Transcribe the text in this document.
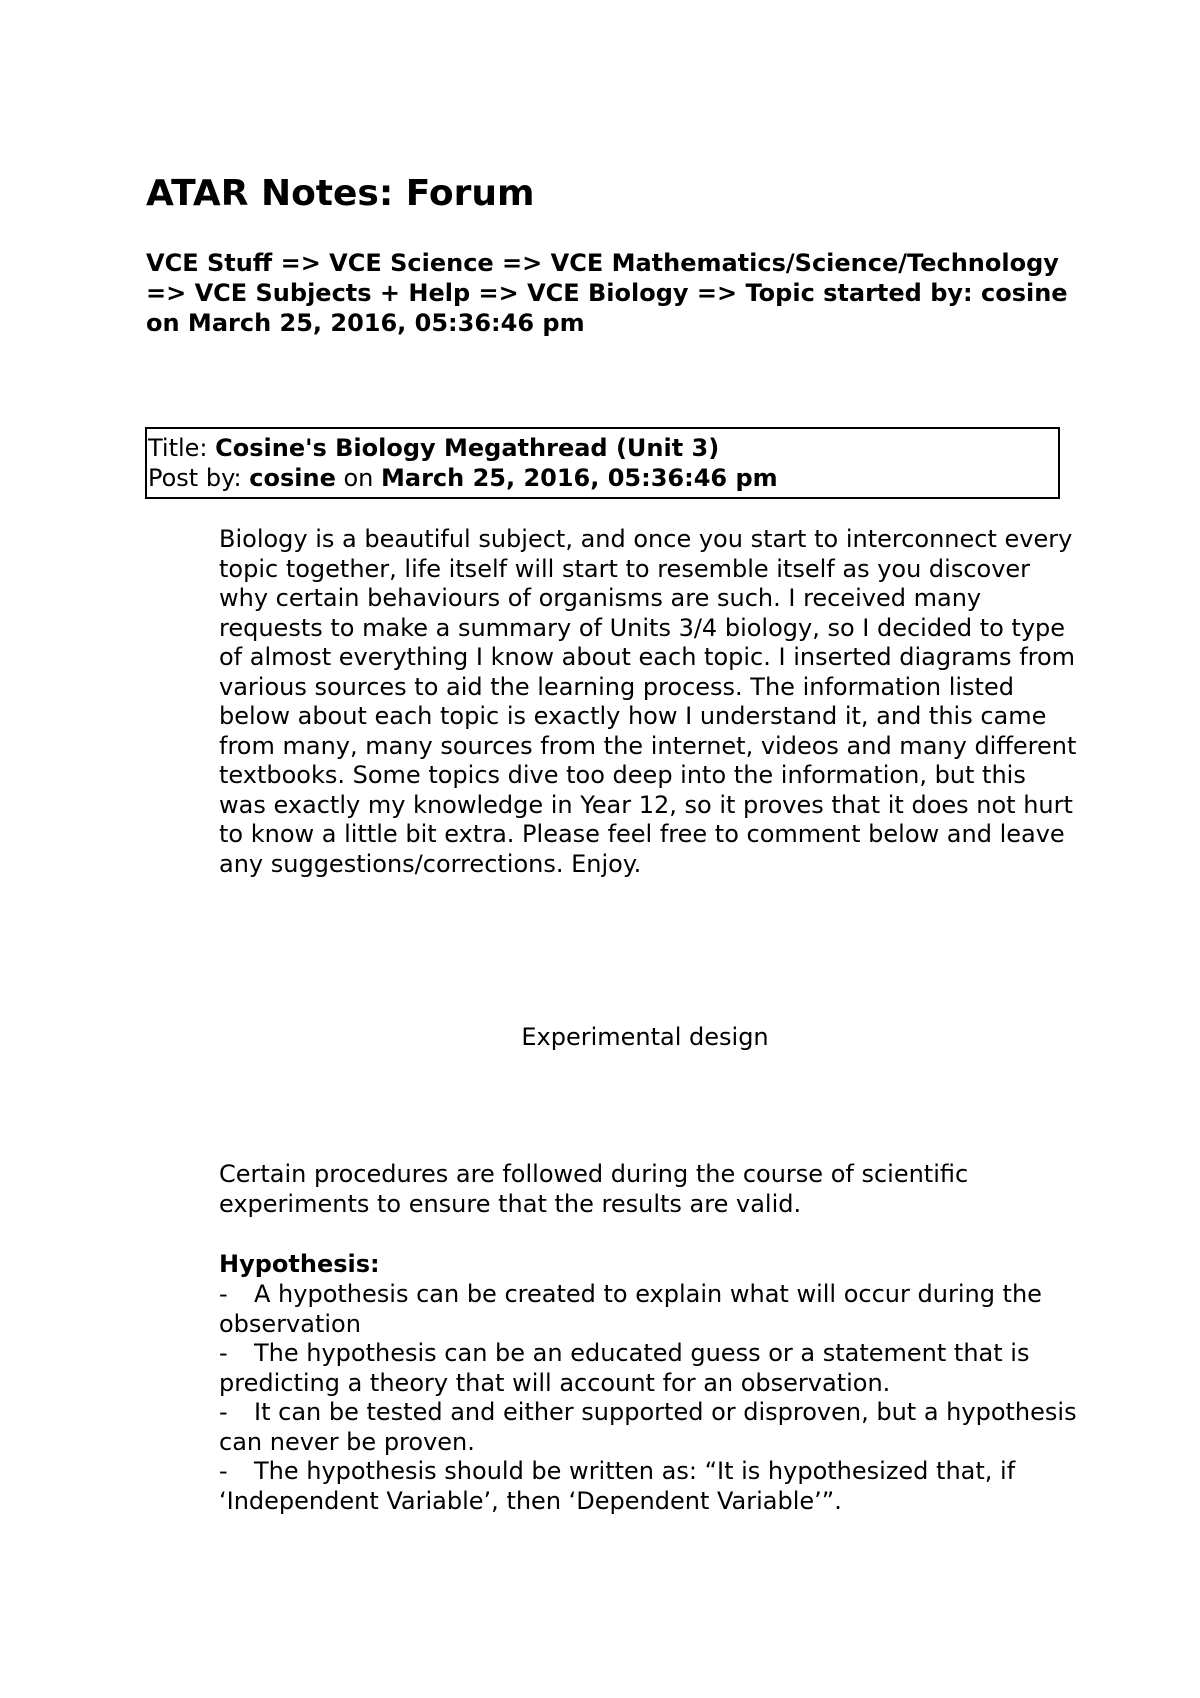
ATAR Notes: Forum

VCE Stuff => VCE Science => VCE Mathematics/Science/Technology => VCE Subjects + Help => VCE Biology => Topic started by: cosine on March 25, 2016, 05:36:46 pm

Title: Cosine's Biology Megathread (Unit 3)
Post by: cosine on March 25, 2016, 05:36:46 pm

Biology is a beautiful subject, and once you start to interconnect every topic together, life itself will start to resemble itself as you discover why certain behaviours of organisms are such. I received many requests to make a summary of Units 3/4 biology, so I decided to type of almost everything I know about each topic. I inserted diagrams from various sources to aid the learning process. The information listed below about each topic is exactly how I understand it, and this came from many, many sources from the internet, videos and many different textbooks. Some topics dive too deep into the information, but this was exactly my knowledge in Year 12, so it proves that it does not hurt to know a little bit extra. Please feel free to comment below and leave any suggestions/corrections. Enjoy.

Experimental design

Certain procedures are followed during the course of scientific experiments to ensure that the results are valid.

Hypothesis:
- A hypothesis can be created to explain what will occur during the observation
- The hypothesis can be an educated guess or a statement that is predicting a theory that will account for an observation.
- It can be tested and either supported or disproven, but a hypothesis can never be proven.
- The hypothesis should be written as: “It is hypothesized that, if ‘Independent Variable’, then ‘Dependent Variable’”.
